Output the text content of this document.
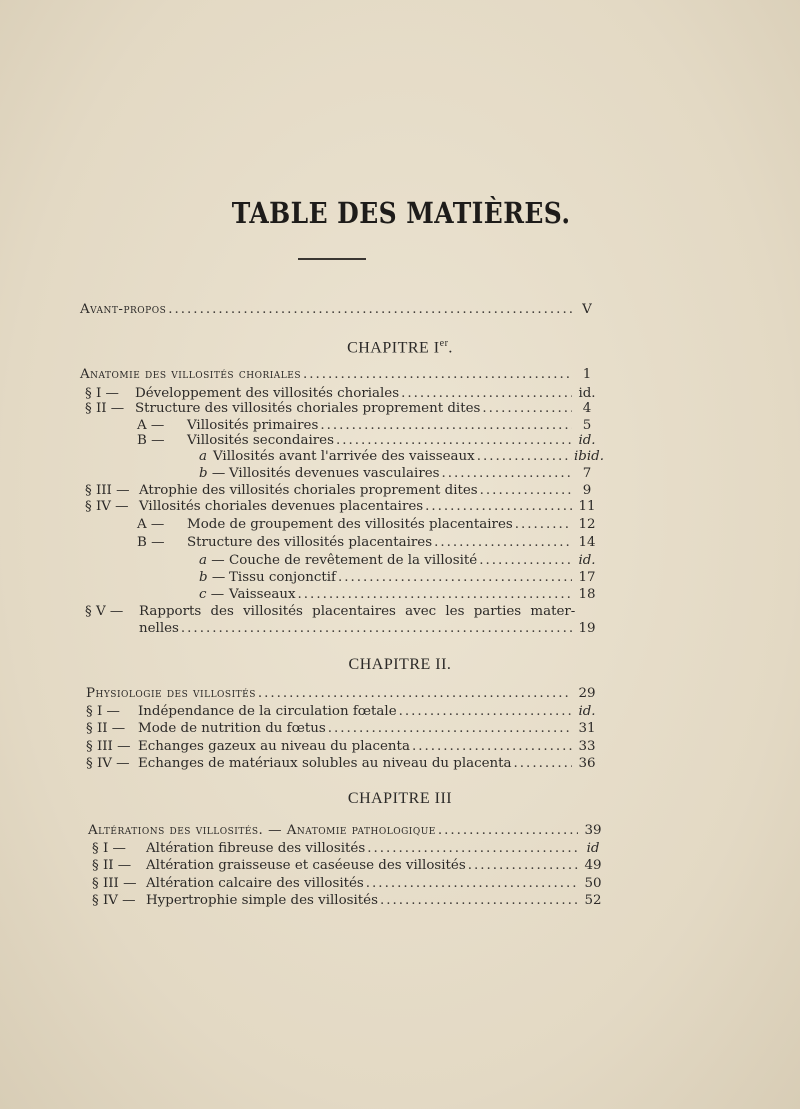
TABLE DES MATIÈRES.
Avant-propos .....	V
CHAPITRE Ier.
Anatomie des villosités choriales .....	1
§ I —	Développement des villosités choriales .....	id.
§ II — Structure des villosités choriales proprement dites .....	4
A —	Villosités primaires .....	5
B —	Villosités secondaires .....	id.
a Villosités avant l'arrivée des vaisseaux .....	ibid.
b — Villosités devenues vasculaires .....	7
§ III — Atrophie des villosités choriales proprement dites .....	9
§ IV — Villosités choriales devenues placentaires .....	11
A —	Mode de groupement des villosités placentaires .....	12
B —	Structure des villosités placentaires .....	14
a — Couche de revêtement de la villosité .....	id.
b — Tissu conjonctif .....	17
c — Vaisseaux .....	18
§ V —	Rapports des villosités placentaires avec les parties mater-
nelles .....	19
CHAPITRE II.
Physiologie des villosités .....	29
§ I —	Indépendance de la circulation fœtale .....	id.
§ II — Mode de nutrition du fœtus .....	31
§ III — Echanges gazeux au niveau du placenta .....	33
§ IV — Echanges de matériaux solubles au niveau du placenta .....	36
CHAPITRE III
Altérations des villosités. — Anatomie pathologique .....	39
§ I —	Altération fibreuse des villosités .....	id
§ II —	Altération graisseuse et caséeuse des villosités .....	49
§ III — Altération calcaire des villosités .....	50
§ IV — Hypertrophie simple des villosités .....	52
